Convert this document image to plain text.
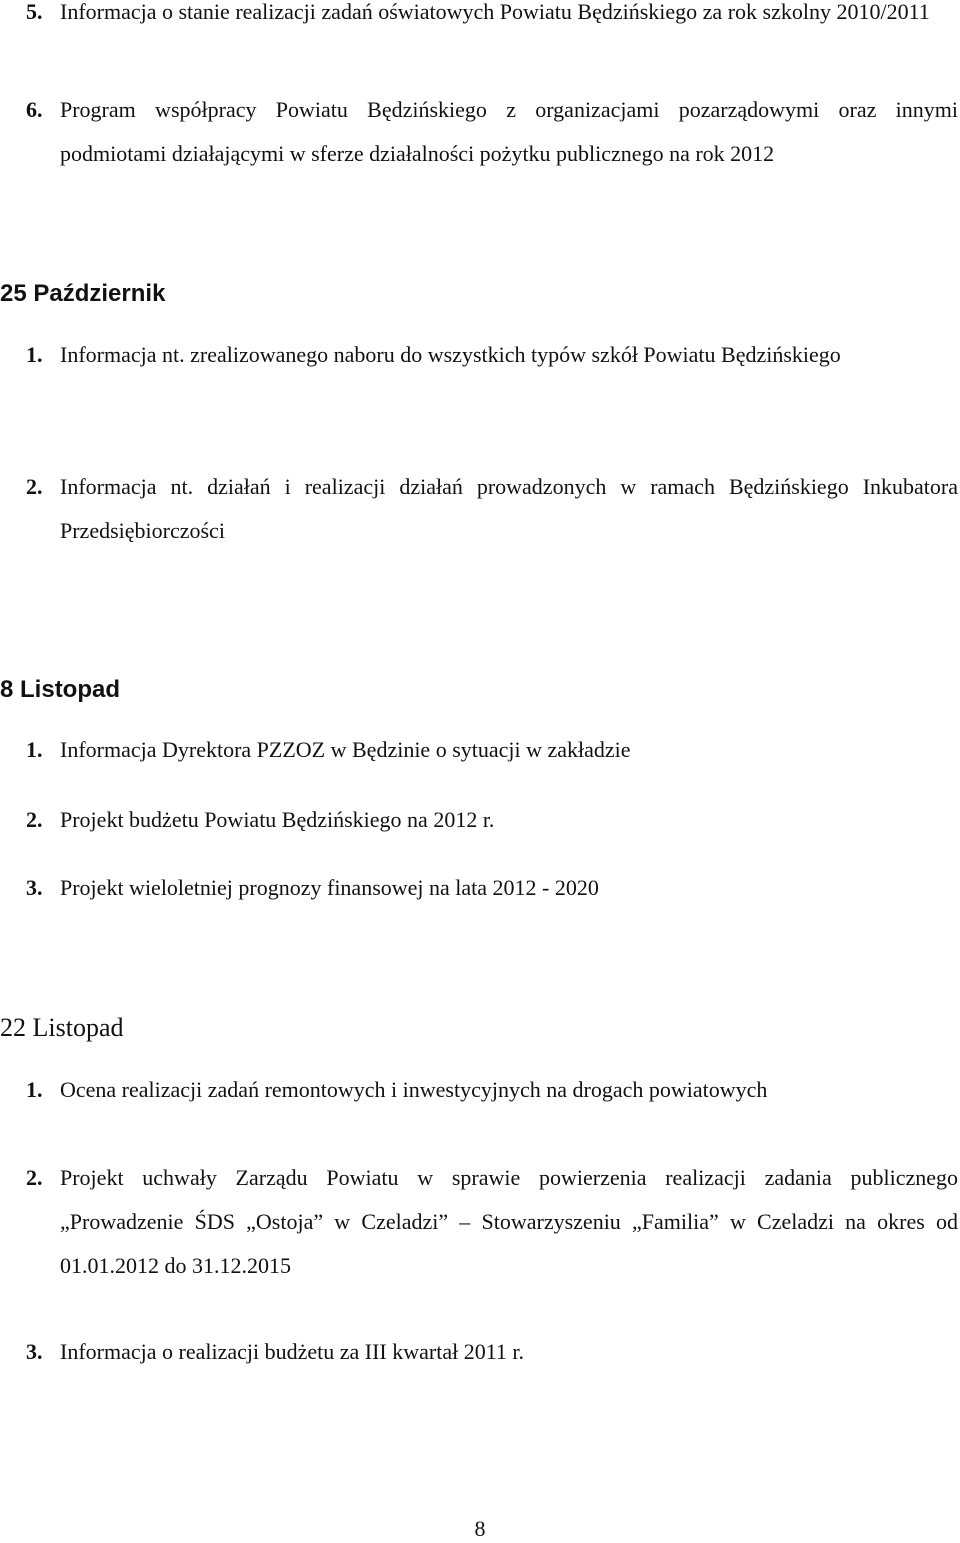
5. Informacja o stanie realizacji zadań oświatowych Powiatu Będzińskiego za rok szkolny 2010/2011
6. Program współpracy Powiatu Będzińskiego z organizacjami pozarządowymi oraz innymi podmiotami działającymi w sferze działalności pożytku publicznego na rok 2012
25 Październik
1. Informacja nt. zrealizowanego naboru do wszystkich typów szkół Powiatu Będzińskiego
2. Informacja nt. działań i realizacji działań prowadzonych w ramach Będzińskiego Inkubatora Przedsiębiorczości
8 Listopad
1. Informacja Dyrektora PZZOZ w Będzinie o sytuacji w zakładzie
2. Projekt budżetu Powiatu Będzińskiego na 2012 r.
3. Projekt wieloletniej prognozy finansowej na lata 2012 - 2020
22 Listopad
1. Ocena realizacji zadań remontowych i inwestycyjnych na drogach powiatowych
2. Projekt uchwały Zarządu Powiatu w sprawie powierzenia realizacji zadania publicznego „Prowadzenie ŚDS „Ostoja” w Czeladzi” – Stowarzyszeniu „Familia” w Czeladzi na okres od 01.01.2012 do 31.12.2015
3. Informacja o realizacji budżetu za III kwartał 2011 r.
8
